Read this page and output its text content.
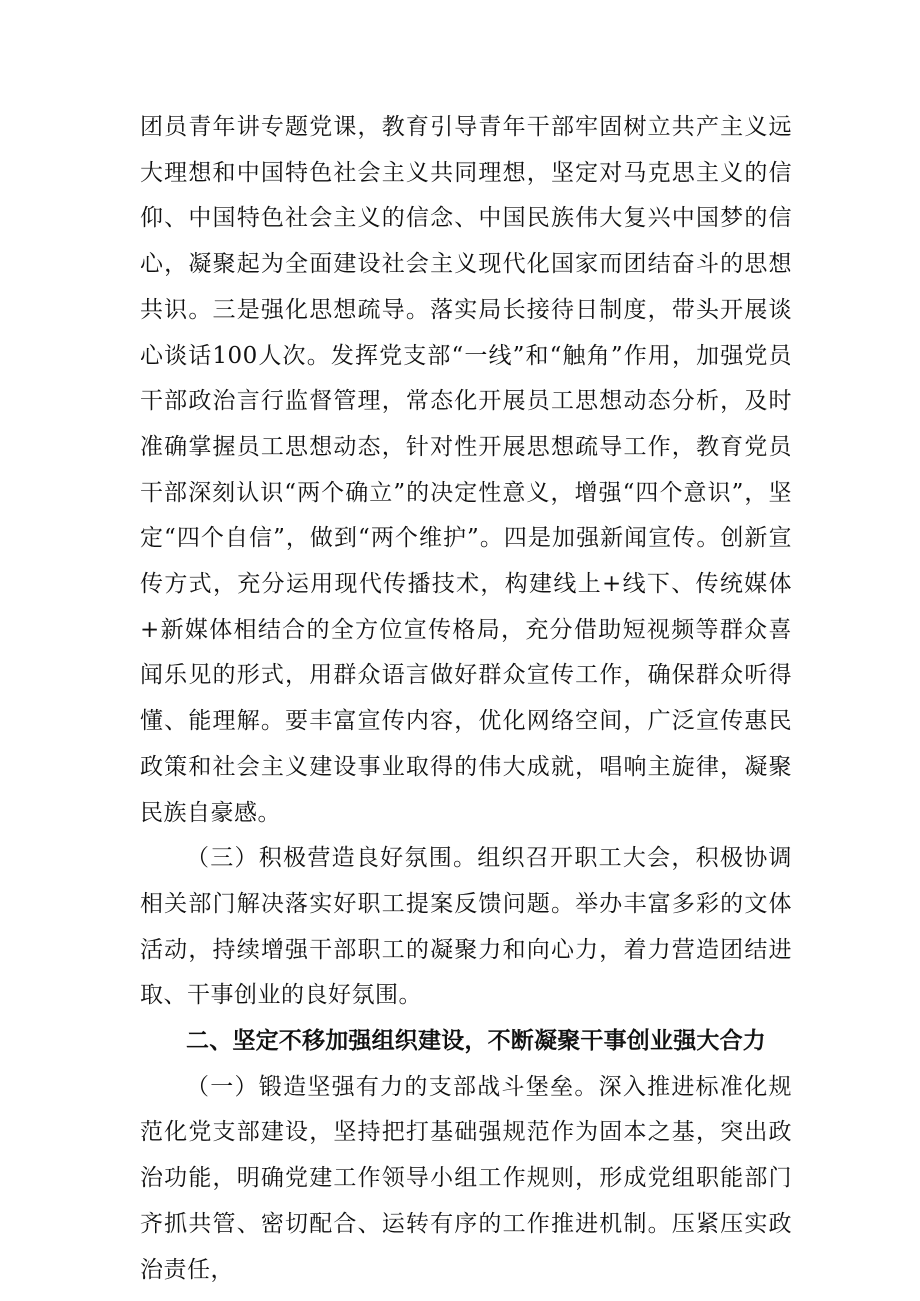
团员青年讲专题党课，教育引导青年干部牢固树立共产主义远大理想和中国特色社会主义共同理想，坚定对马克思主义的信仰、中国特色社会主义的信念、中国民族伟大复兴中国梦的信心，凝聚起为全面建设社会主义现代化国家而团结奋斗的思想共识。三是强化思想疏导。落实局长接待日制度，带头开展谈心谈话100人次。发挥党支部“一线”和“触角”作用，加强党员干部政治言行监督管理，常态化开展员工思想动态分析，及时准确掌握员工思想动态，针对性开展思想疏导工作，教育党员干部深刻认识“两个确立”的决定性意义，增强“四个意识”，坚定“四个自信”，做到“两个维护”。四是加强新闻宣传。创新宣传方式，充分运用现代传播技术，构建线上+线下、传统媒体+新媒体相结合的全方位宣传格局，充分借助短视频等群众喜闻乐见的形式，用群众语言做好群众宣传工作，确保群众听得懂、能理解。要丰富宣传内容，优化网络空间，广泛宣传惠民政策和社会主义建设事业取得的伟大成就，唱响主旋律，凝聚民族自豪感。

（三）积极营造良好氛围。组织召开职工大会，积极协调相关部门解决落实好职工提案反馈问题。举办丰富多彩的文体活动，持续增强干部职工的凝聚力和向心力，着力营造团结进取、干事创业的良好氛围。

二、坚定不移加强组织建设，不断凝聚干事创业强大合力

（一）锻造坚强有力的支部战斗堡垒。深入推进标准化规范化党支部建设，坚持把打基础强规范作为固本之基，突出政治功能，明确党建工作领导小组工作规则，形成党组职能部门齐抓共管、密切配合、运转有序的工作推进机制。压紧压实政治责任，
